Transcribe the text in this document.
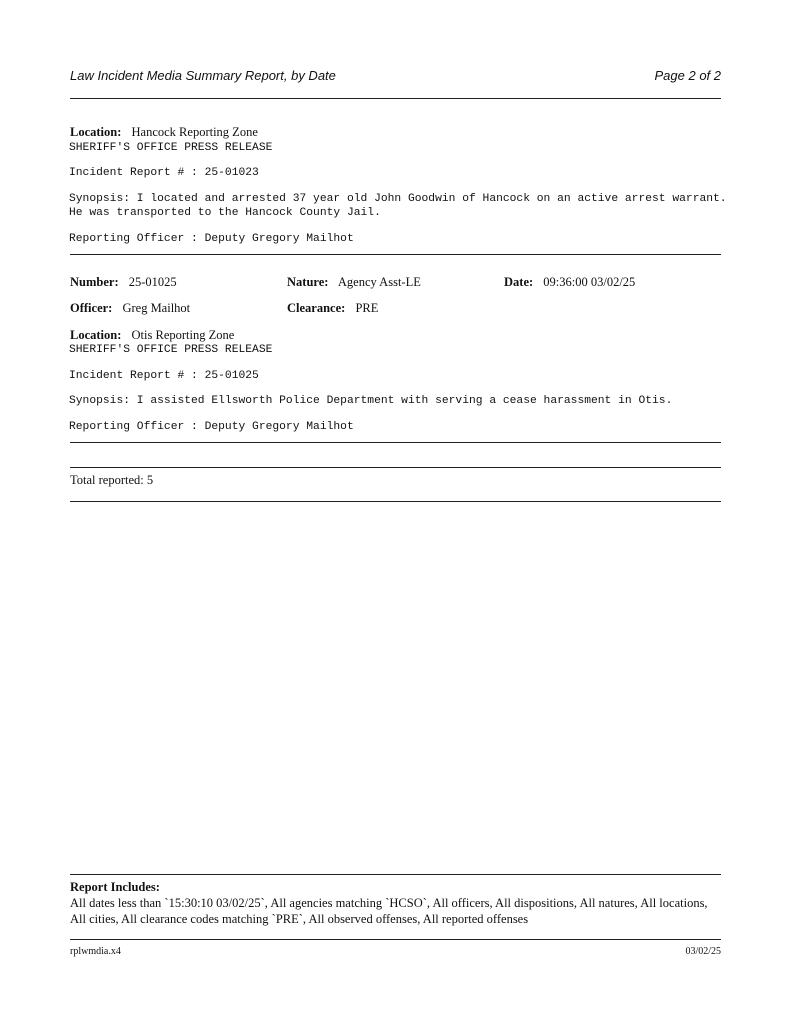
Law Incident Media Summary Report, by Date	Page 2 of 2
Location: Hancock Reporting Zone
SHERIFF'S OFFICE PRESS RELEASE
Incident Report # : 25-01023
Synopsis: I located and arrested 37 year old John Goodwin of Hancock on an active arrest warrant. He was transported to the Hancock County Jail.
Reporting Officer : Deputy Gregory Mailhot
Number: 25-01025	Nature: Agency Asst-LE	Date: 09:36:00 03/02/25
Officer: Greg Mailhot	Clearance: PRE
Location: Otis Reporting Zone
SHERIFF'S OFFICE PRESS RELEASE
Incident Report # : 25-01025
Synopsis: I assisted Ellsworth Police Department with serving a cease harassment in Otis.
Reporting Officer : Deputy Gregory Mailhot
Total reported: 5
Report Includes:
All dates less than `15:30:10 03/02/25`, All agencies matching `HCSO`, All officers, All dispositions, All natures, All locations, All cities, All clearance codes matching `PRE`, All observed offenses, All reported offenses
rplwmdia.x4	03/02/25
